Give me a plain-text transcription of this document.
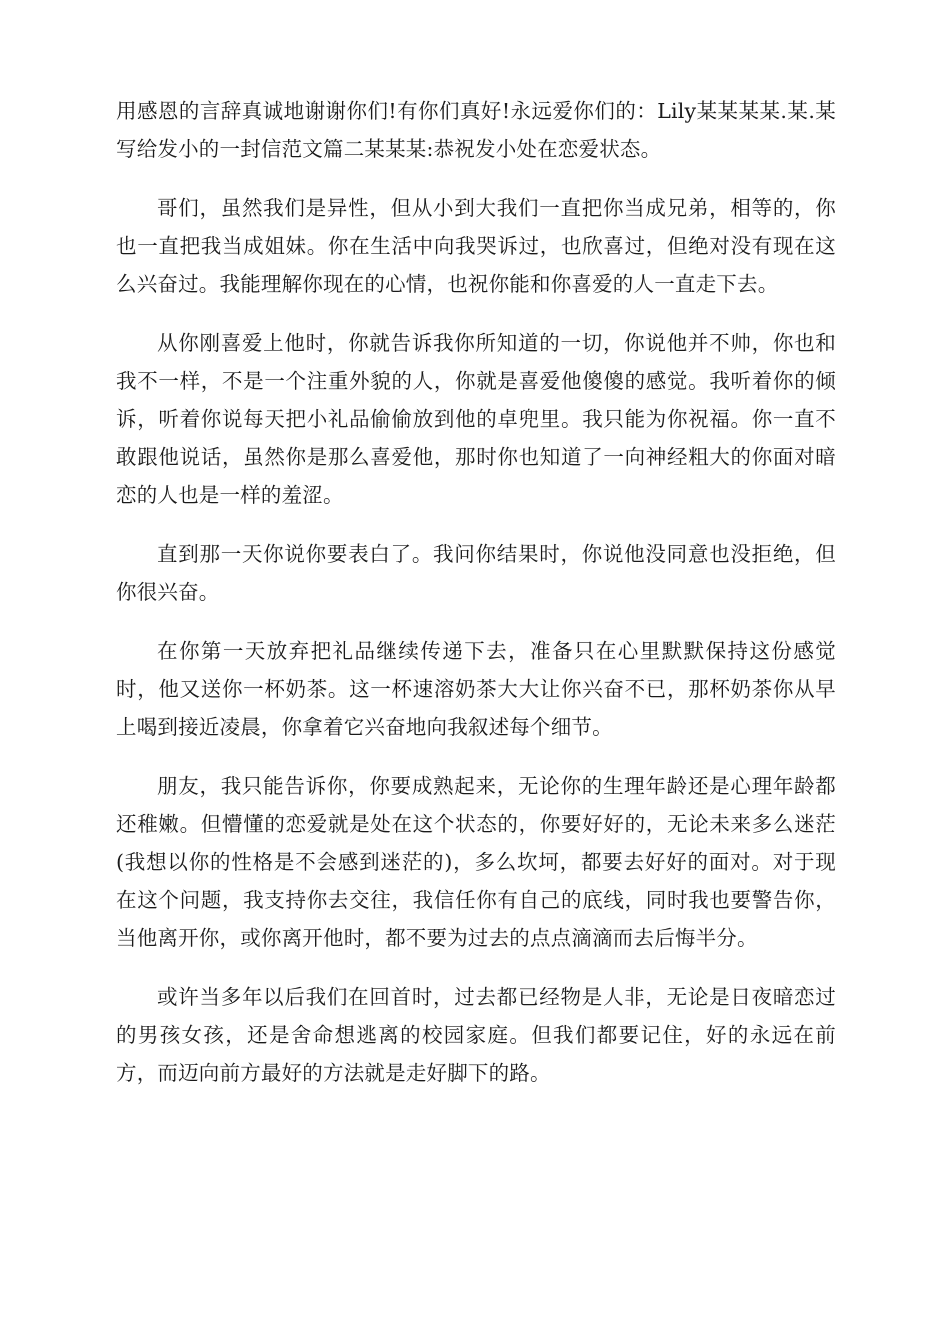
用感恩的言辞真诚地谢谢你们!有你们真好!永远爱你们的：Lily某某某某.某.某写给发小的一封信范文篇二某某某:恭祝发小处在恋爱状态。

哥们，虽然我们是异性，但从小到大我们一直把你当成兄弟，相等的，你也一直把我当成姐妹。你在生活中向我哭诉过，也欣喜过，但绝对没有现在这么兴奋过。我能理解你现在的心情，也祝你能和你喜爱的人一直走下去。

从你刚喜爱上他时，你就告诉我你所知道的一切，你说他并不帅，你也和我不一样，不是一个注重外貌的人，你就是喜爱他傻傻的感觉。我听着你的倾诉，听着你说每天把小礼品偷偷放到他的卓兜里。我只能为你祝福。你一直不敢跟他说话，虽然你是那么喜爱他，那时你也知道了一向神经粗大的你面对暗恋的人也是一样的羞涩。

直到那一天你说你要表白了。我问你结果时，你说他没同意也没拒绝，但你很兴奋。

在你第一天放弃把礼品继续传递下去，准备只在心里默默保持这份感觉时，他又送你一杯奶茶。这一杯速溶奶茶大大让你兴奋不已，那杯奶茶你从早上喝到接近凌晨，你拿着它兴奋地向我叙述每个细节。

朋友，我只能告诉你，你要成熟起来，无论你的生理年龄还是心理年龄都还稚嫩。但懵懂的恋爱就是处在这个状态的，你要好好的，无论未来多么迷茫(我想以你的性格是不会感到迷茫的)，多么坎坷，都要去好好的面对。对于现在这个问题，我支持你去交往，我信任你有自己的底线，同时我也要警告你，当他离开你，或你离开他时，都不要为过去的点点滴滴而去后悔半分。

或许当多年以后我们在回首时，过去都已经物是人非，无论是日夜暗恋过的男孩女孩，还是舍命想逃离的校园家庭。但我们都要记住，好的永远在前方，而迈向前方最好的方法就是走好脚下的路。
